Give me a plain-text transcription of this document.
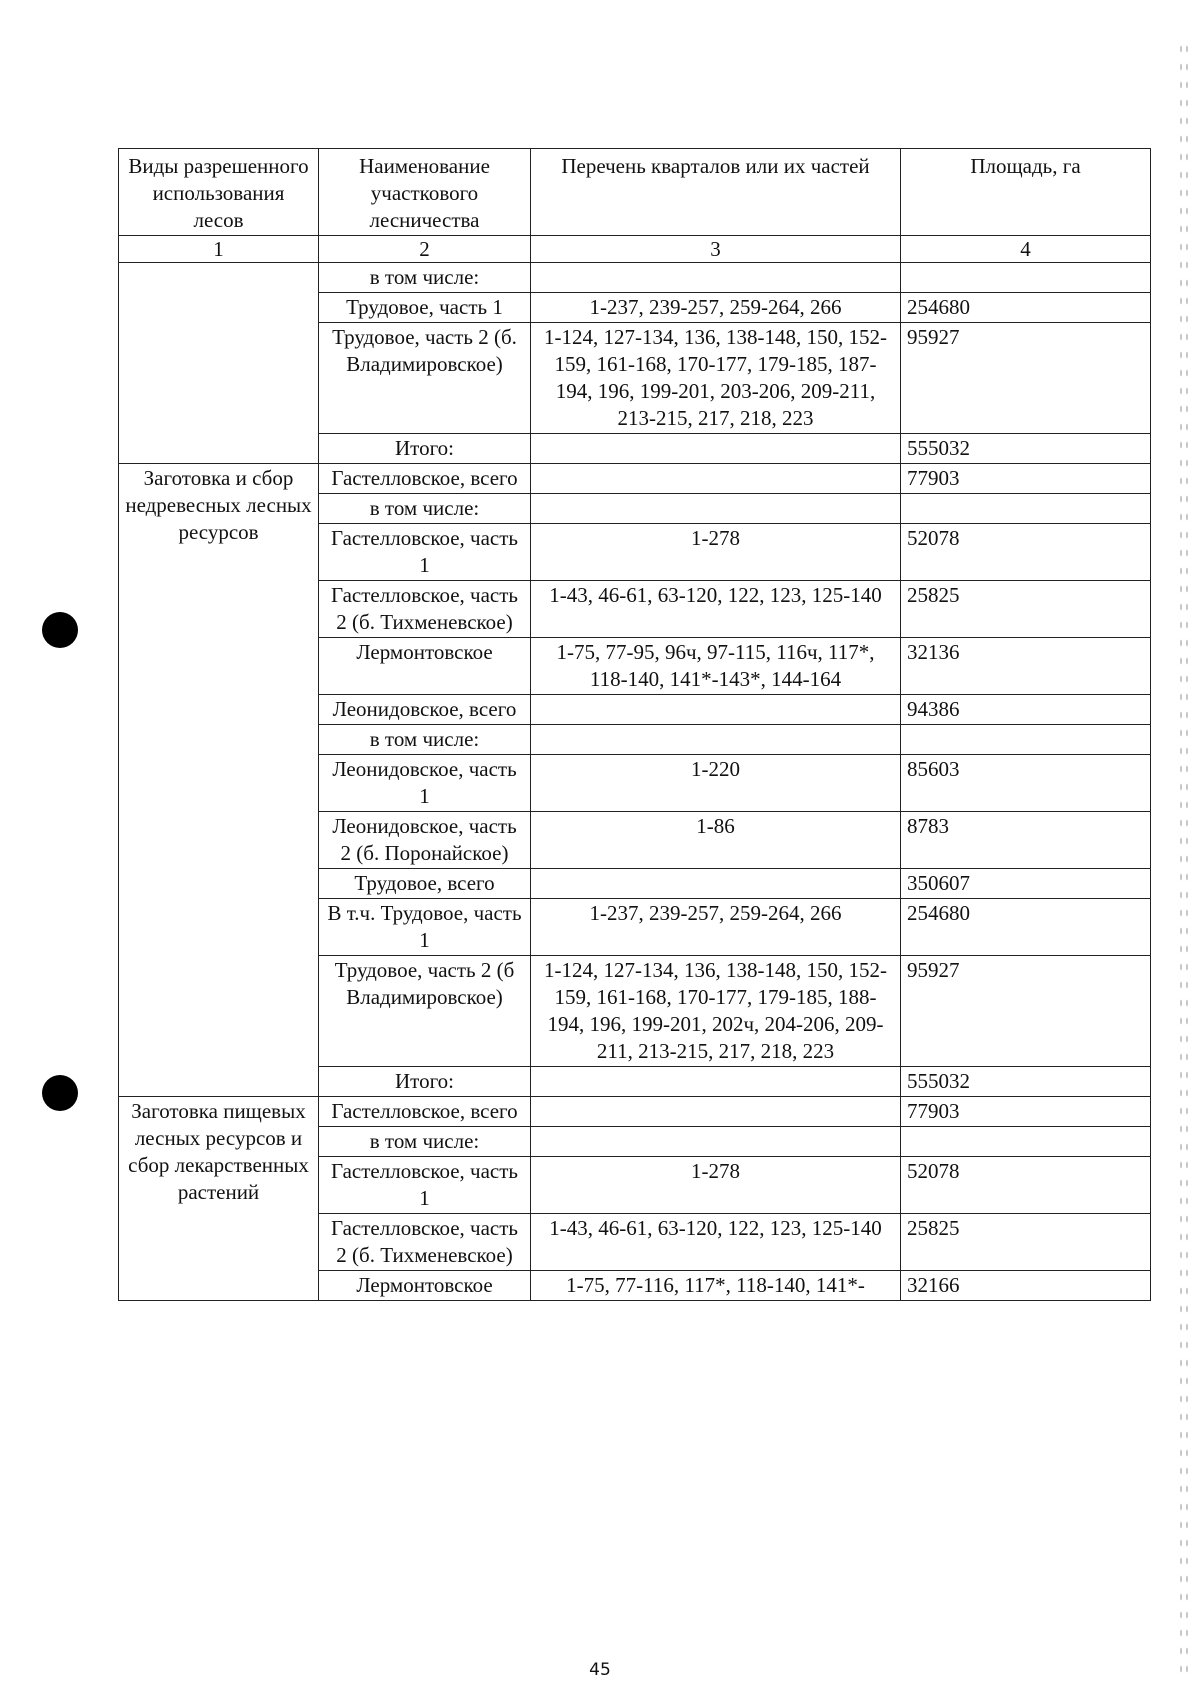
Виды разрешенного использования лесов	Наименование участкового лесничества	Перечень кварталов или их частей	Площадь, га
1	2	3	4
	в том числе:		
	Трудовое, часть 1	1-237, 239-257, 259-264, 266	254680
	Трудовое, часть 2 (б. Владимировское)	1-124, 127-134, 136, 138-148, 150, 152-159, 161-168, 170-177, 179-185, 187-194, 196, 199-201, 203-206, 209-211, 213-215, 217, 218, 223	95927
	Итого:		555032
Заготовка и сбор недревесных лесных ресурсов	Гастелловское, всего		77903
	в том числе:		
	Гастелловское, часть 1	1-278	52078
	Гастелловское, часть 2 (б. Тихменевское)	1-43, 46-61, 63-120, 122, 123, 125-140	25825
	Лермонтовское	1-75, 77-95, 96ч, 97-115, 116ч, 117*, 118-140, 141*-143*, 144-164	32136
	Леонидовское, всего		94386
	в том числе:		
	Леонидовское, часть 1	1-220	85603
	Леонидовское, часть 2 (б. Поронайское)	1-86	8783
	Трудовое, всего		350607
	В т.ч. Трудовое, часть 1	1-237, 239-257, 259-264, 266	254680
	Трудовое, часть 2 (б Владимировское)	1-124, 127-134, 136, 138-148, 150, 152-159, 161-168, 170-177, 179-185, 188-194, 196, 199-201, 202ч, 204-206, 209-211, 213-215, 217, 218, 223	95927
	Итого:		555032
Заготовка пищевых лесных ресурсов и сбор лекарственных растений	Гастелловское, всего		77903
	в том числе:		
	Гастелловское, часть 1	1-278	52078
	Гастелловское, часть 2 (б. Тихменевское)	1-43, 46-61, 63-120, 122, 123, 125-140	25825
	Лермонтовское	1-75, 77-116, 117*, 118-140, 141*-	32166
45
